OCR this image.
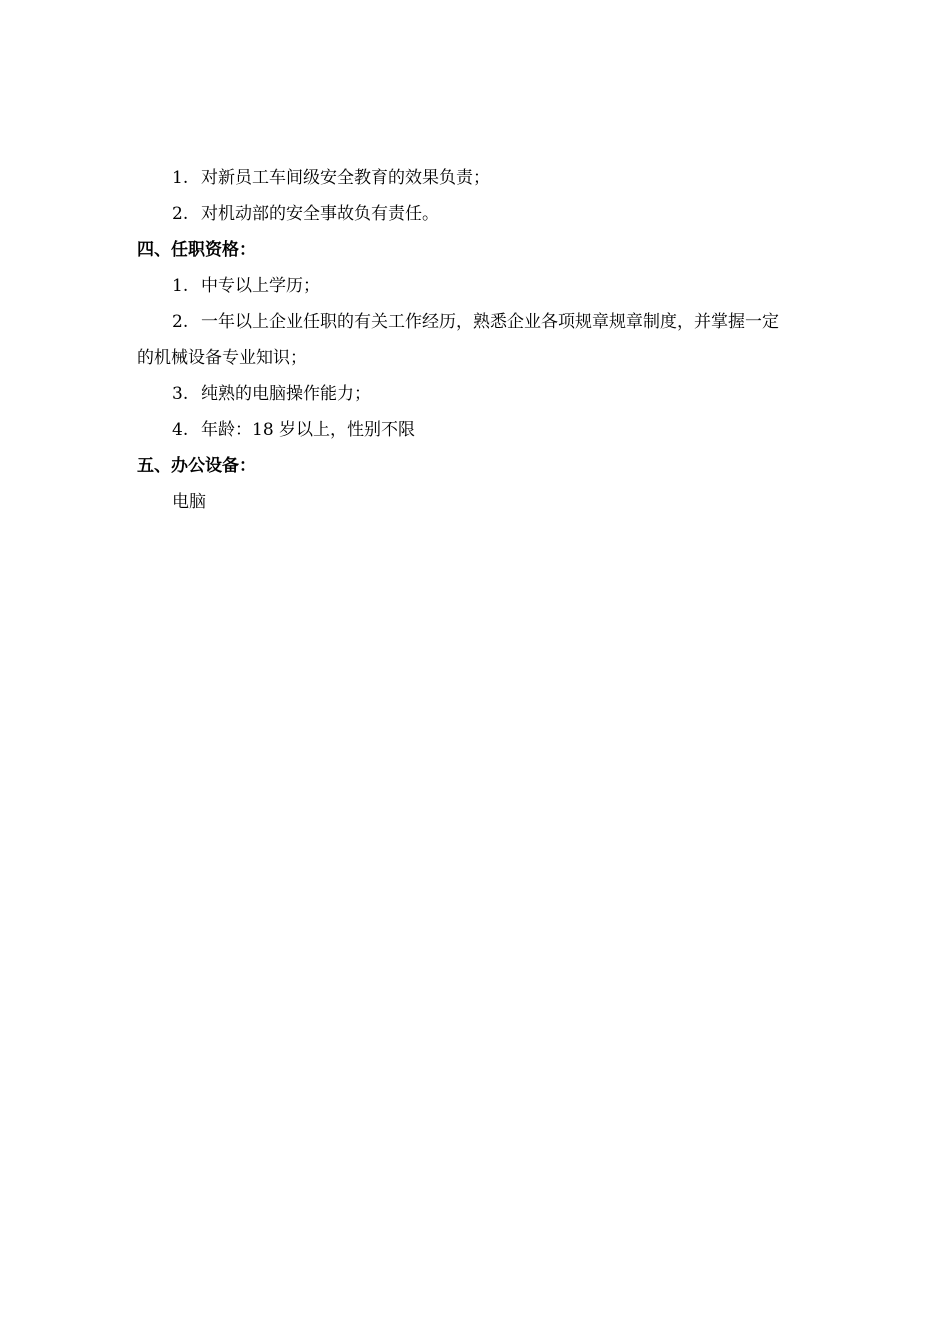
1. 对新员工车间级安全教育的效果负责；
2. 对机动部的安全事故负有责任。
四、任职资格：
1. 中专以上学历；
2. 一年以上企业任职的有关工作经历，熟悉企业各项规章规章制度，并掌握一定
的机械设备专业知识；
3. 纯熟的电脑操作能力；
4. 年龄：18 岁以上，性别不限
五、办公设备：
电脑
